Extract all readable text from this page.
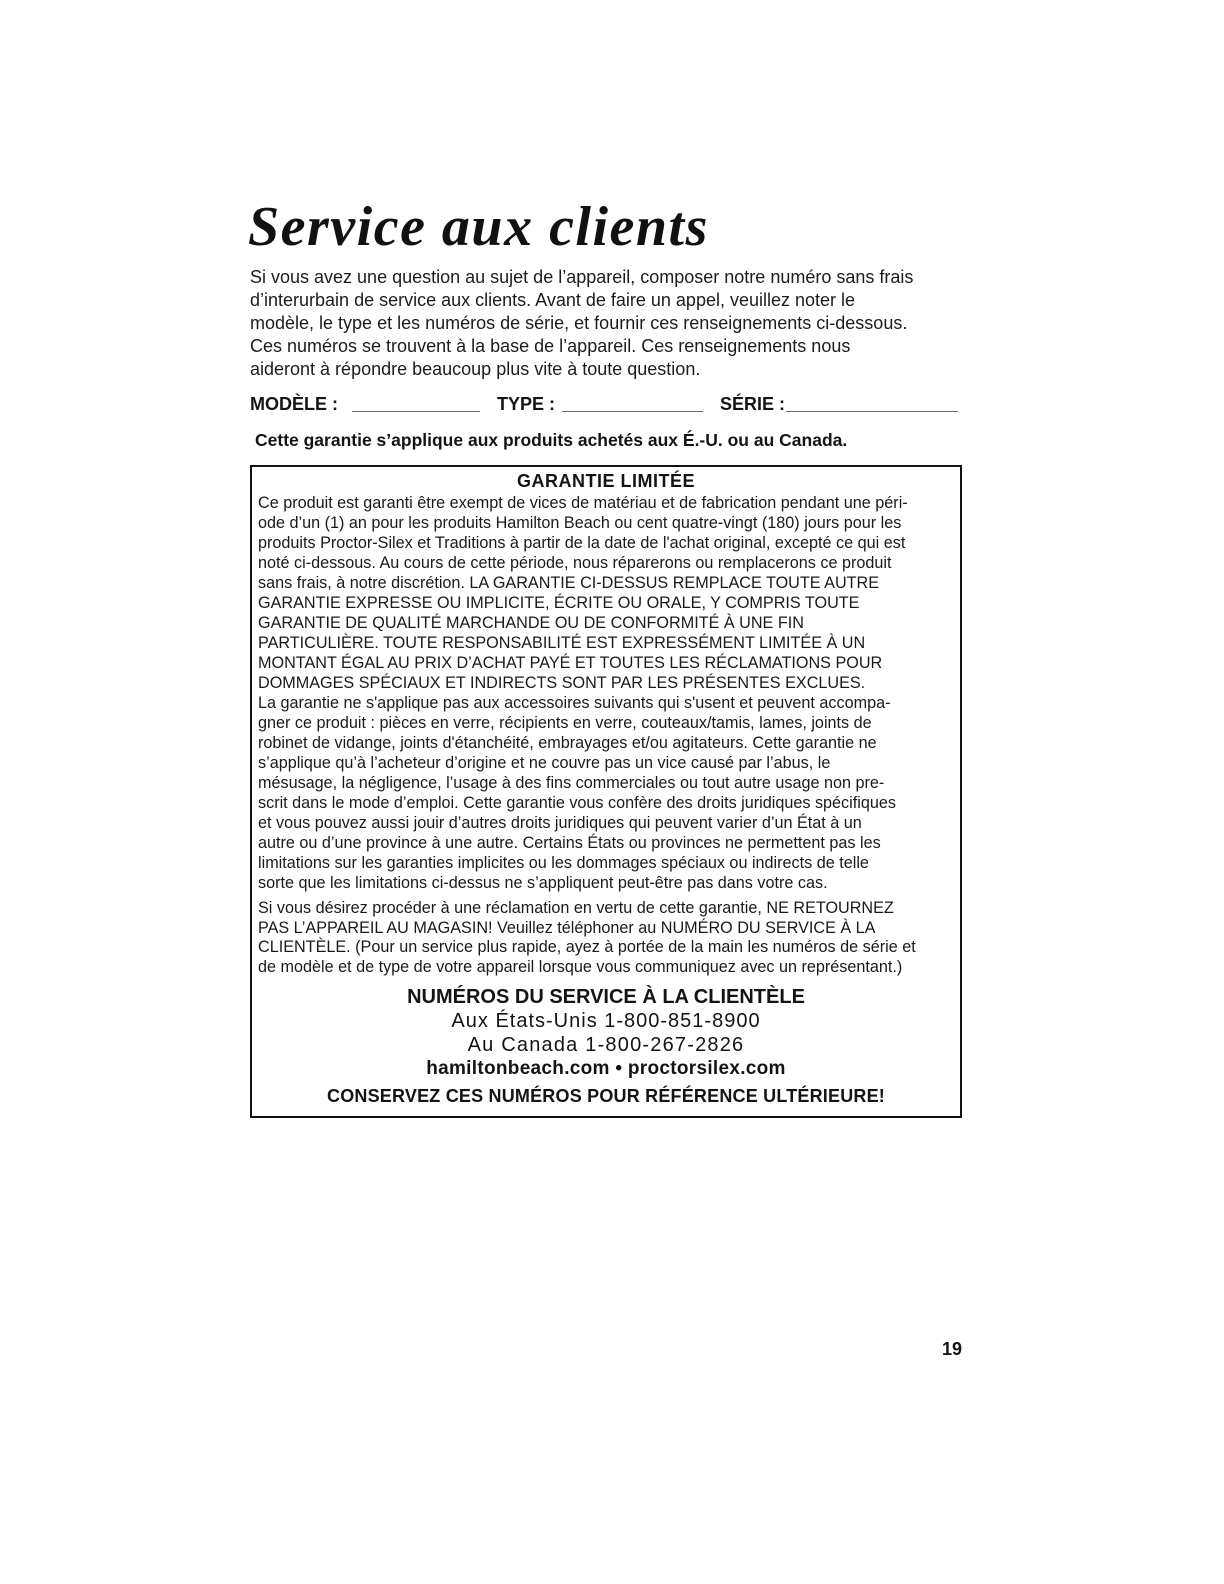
Service aux clients
Si vous avez une question au sujet de l’appareil, composer notre numéro sans frais
d’interurbain de service aux clients. Avant de faire un appel, veuillez noter le
modèle, le type et les numéros de série, et fournir ces renseignements ci-dessous.
Ces numéros se trouvent à la base de l’appareil. Ces renseignements nous
aideront à répondre beaucoup plus vite à toute question.
MODÈLE :	TYPE :	SÉRIE :
Cette garantie s’applique aux produits achetés aux É.-U. ou au Canada.
GARANTIE LIMITÉE
Ce produit est garanti être exempt de vices de matériau et de fabrication pendant une péri-
ode d’un (1) an pour les produits Hamilton Beach ou cent quatre-vingt (180) jours pour les
produits Proctor-Silex et Traditions à partir de la date de l'achat original, excepté ce qui est
noté ci-dessous. Au cours de cette période, nous réparerons ou remplacerons ce produit
sans frais, à notre discrétion. LA GARANTIE CI-DESSUS REMPLACE TOUTE AUTRE
GARANTIE EXPRESSE OU IMPLICITE, ÉCRITE OU ORALE, Y COMPRIS TOUTE
GARANTIE DE QUALITÉ MARCHANDE OU DE CONFORMITÉ À UNE FIN
PARTICULIÈRE. TOUTE RESPONSABILITÉ EST EXPRESSÉMENT LIMITÉE À UN
MONTANT ÉGAL AU PRIX D’ACHAT PAYÉ ET TOUTES LES RÉCLAMATIONS POUR
DOMMAGES SPÉCIAUX ET INDIRECTS SONT PAR LES PRÉSENTES EXCLUES.
La garantie ne s'applique pas aux accessoires suivants qui s'usent et peuvent accompa-
gner ce produit : pièces en verre, récipients en verre, couteaux/tamis, lames, joints de
robinet de vidange, joints d'étanchéité, embrayages et/ou agitateurs. Cette garantie ne
s’applique qu’à l’acheteur d’origine et ne couvre pas un vice causé par l’abus, le
mésusage, la négligence, l’usage à des fins commerciales ou tout autre usage non pre-
scrit dans le mode d’emploi. Cette garantie vous confère des droits juridiques spécifiques
et vous pouvez aussi jouir d’autres droits juridiques qui peuvent varier d’un État à un
autre ou d’une province à une autre. Certains États ou provinces ne permettent pas les
limitations sur les garanties implicites ou les dommages spéciaux ou indirects de telle
sorte que les limitations ci-dessus ne s’appliquent peut-être pas dans votre cas.
Si vous désirez procéder à une réclamation en vertu de cette garantie, NE RETOURNEZ
PAS L’APPAREIL AU MAGASIN! Veuillez téléphoner au NUMÉRO DU SERVICE À LA
CLIENTÈLE. (Pour un service plus rapide, ayez à portée de la main les numéros de série et
de modèle et de type de votre appareil lorsque vous communiquez avec un représentant.)
NUMÉROS DU SERVICE À LA CLIENTÈLE
Aux États-Unis 1-800-851-8900
Au Canada 1-800-267-2826
hamiltonbeach.com • proctorsilex.com
CONSERVEZ CES NUMÉROS POUR RÉFÉRENCE ULTÉRIEURE!
19
